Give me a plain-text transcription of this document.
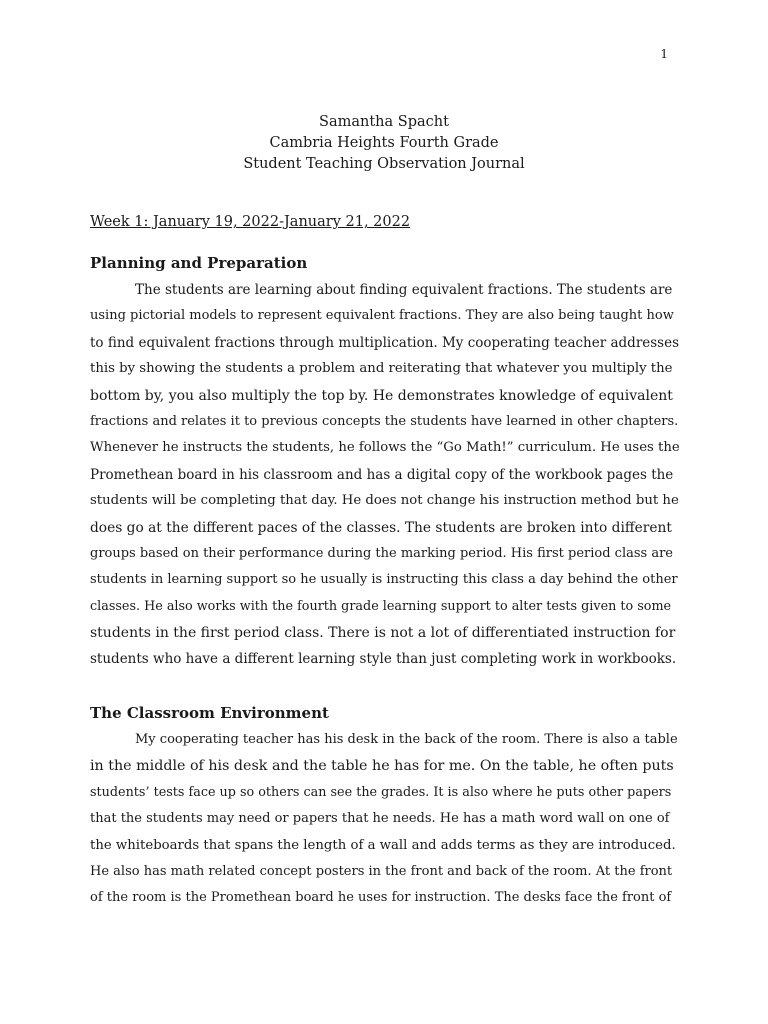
1
Samantha Spacht
Cambria Heights Fourth Grade
Student Teaching Observation Journal
Week 1: January 19, 2022-January 21, 2022
Planning and Preparation
The students are learning about finding equivalent fractions. The students are
using pictorial models to represent equivalent fractions. They are also being taught how
to find equivalent fractions through multiplication. My cooperating teacher addresses
this by showing the students a problem and reiterating that whatever you multiply the
bottom by, you also multiply the top by. He demonstrates knowledge of equivalent
fractions and relates it to previous concepts the students have learned in other chapters.
Whenever he instructs the students, he follows the “Go Math!” curriculum. He uses the
Promethean board in his classroom and has a digital copy of the workbook pages the
students will be completing that day. He does not change his instruction method but he
does go at the different paces of the classes. The students are broken into different
groups based on their performance during the marking period. His first period class are
students in learning support so he usually is instructing this class a day behind the other
classes. He also works with the fourth grade learning support to alter tests given to some
students in the first period class. There is not a lot of differentiated instruction for
students who have a different learning style than just completing work in workbooks.
The Classroom Environment
My cooperating teacher has his desk in the back of the room. There is also a table
in the middle of his desk and the table he has for me. On the table, he often puts
students’ tests face up so others can see the grades. It is also where he puts other papers
that the students may need or papers that he needs. He has a math word wall on one of
the whiteboards that spans the length of a wall and adds terms as they are introduced.
He also has math related concept posters in the front and back of the room. At the front
of the room is the Promethean board he uses for instruction. The desks face the front of
